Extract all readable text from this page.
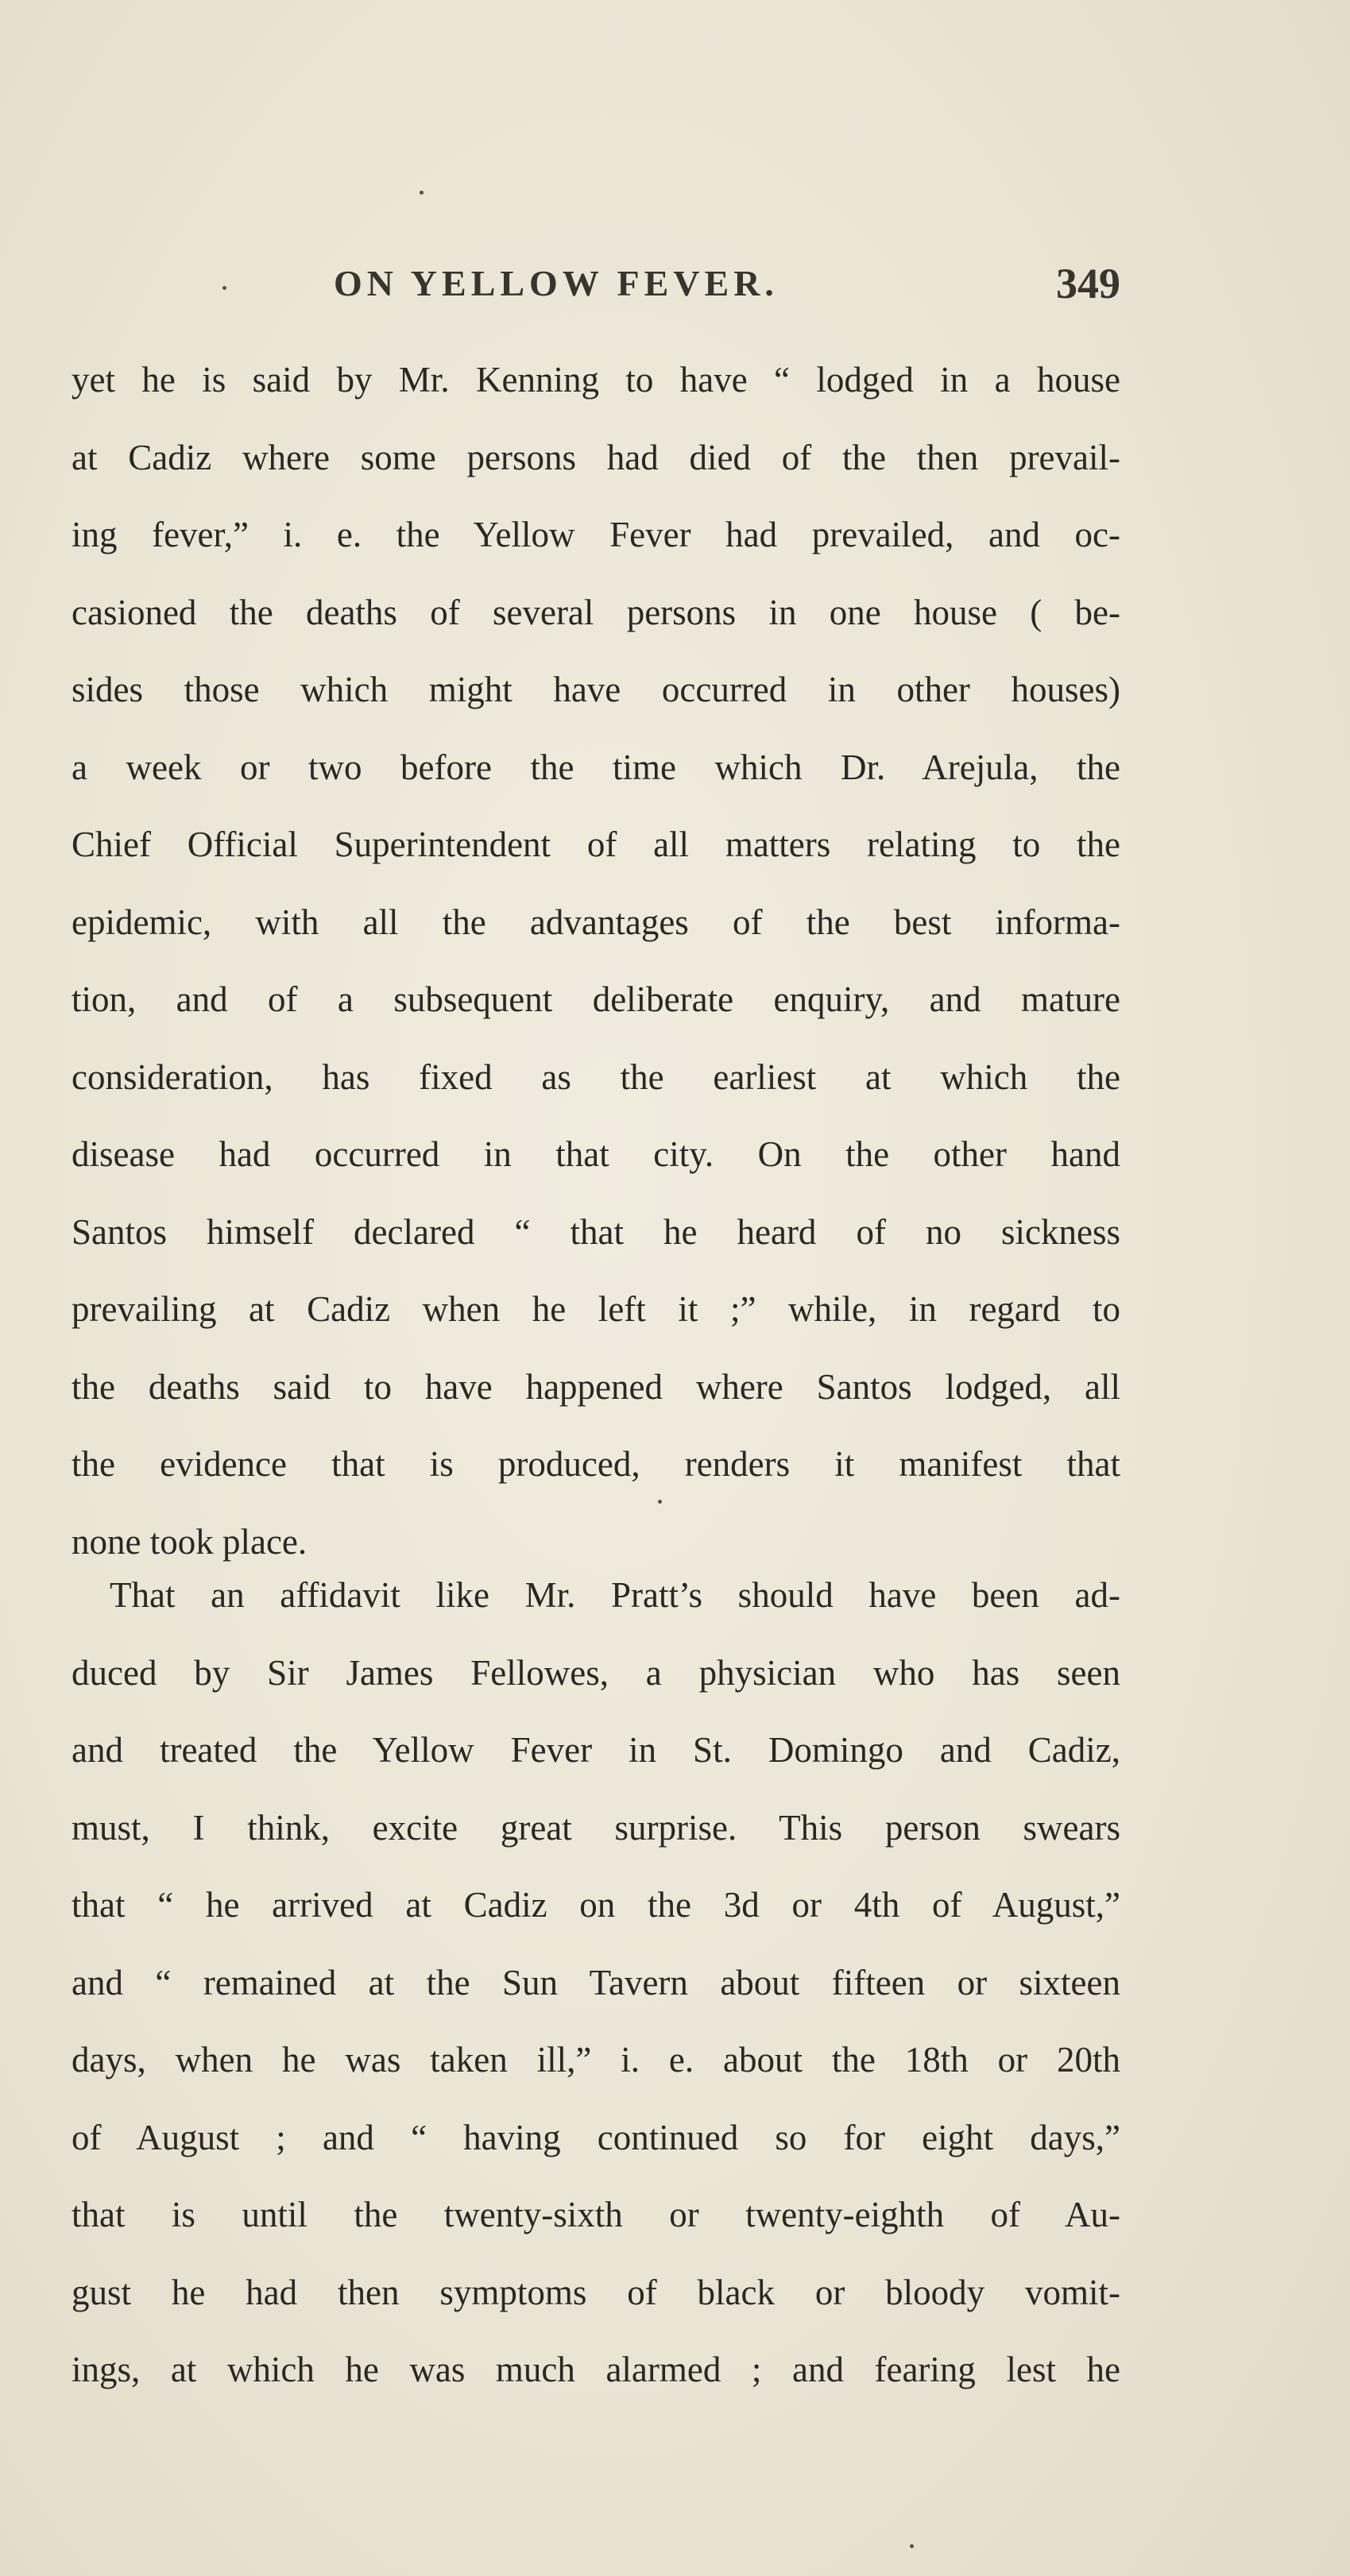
ON YELLOW FEVER.	349
yet he is said by Mr. Kenning to have “ lodged in a house
at Cadiz where some persons had died of the then prevail-
ing fever,” i. e. the Yellow Fever had prevailed, and oc-
casioned the deaths of several persons in one house ( be-
sides those which might have occurred in other houses)
a week or two before the time which Dr. Arejula, the
Chief Official Superintendent of all matters relating to the
epidemic, with all the advantages of the best informa-
tion, and of a subsequent deliberate enquiry, and mature
consideration, has fixed as the earliest at which the
disease had occurred in that city. On the other hand
Santos himself declared “ that he heard of no sickness
prevailing at Cadiz when he left it ;” while, in regard to
the deaths said to have happened where Santos lodged, all
the evidence that is produced, renders it manifest that
none took place.
That an affidavit like Mr. Pratt’s should have been ad-
duced by Sir James Fellowes, a physician who has seen
and treated the Yellow Fever in St. Domingo and Cadiz,
must, I think, excite great surprise. This person swears
that “ he arrived at Cadiz on the 3d or 4th of August,”
and “ remained at the Sun Tavern about fifteen or sixteen
days, when he was taken ill,” i. e. about the 18th or 20th
of August ; and “ having continued so for eight days,”
that is until the twenty-sixth or twenty-eighth of Au-
gust he had then symptoms of black or bloody vomit-
ings, at which he was much alarmed ; and fearing lest he
